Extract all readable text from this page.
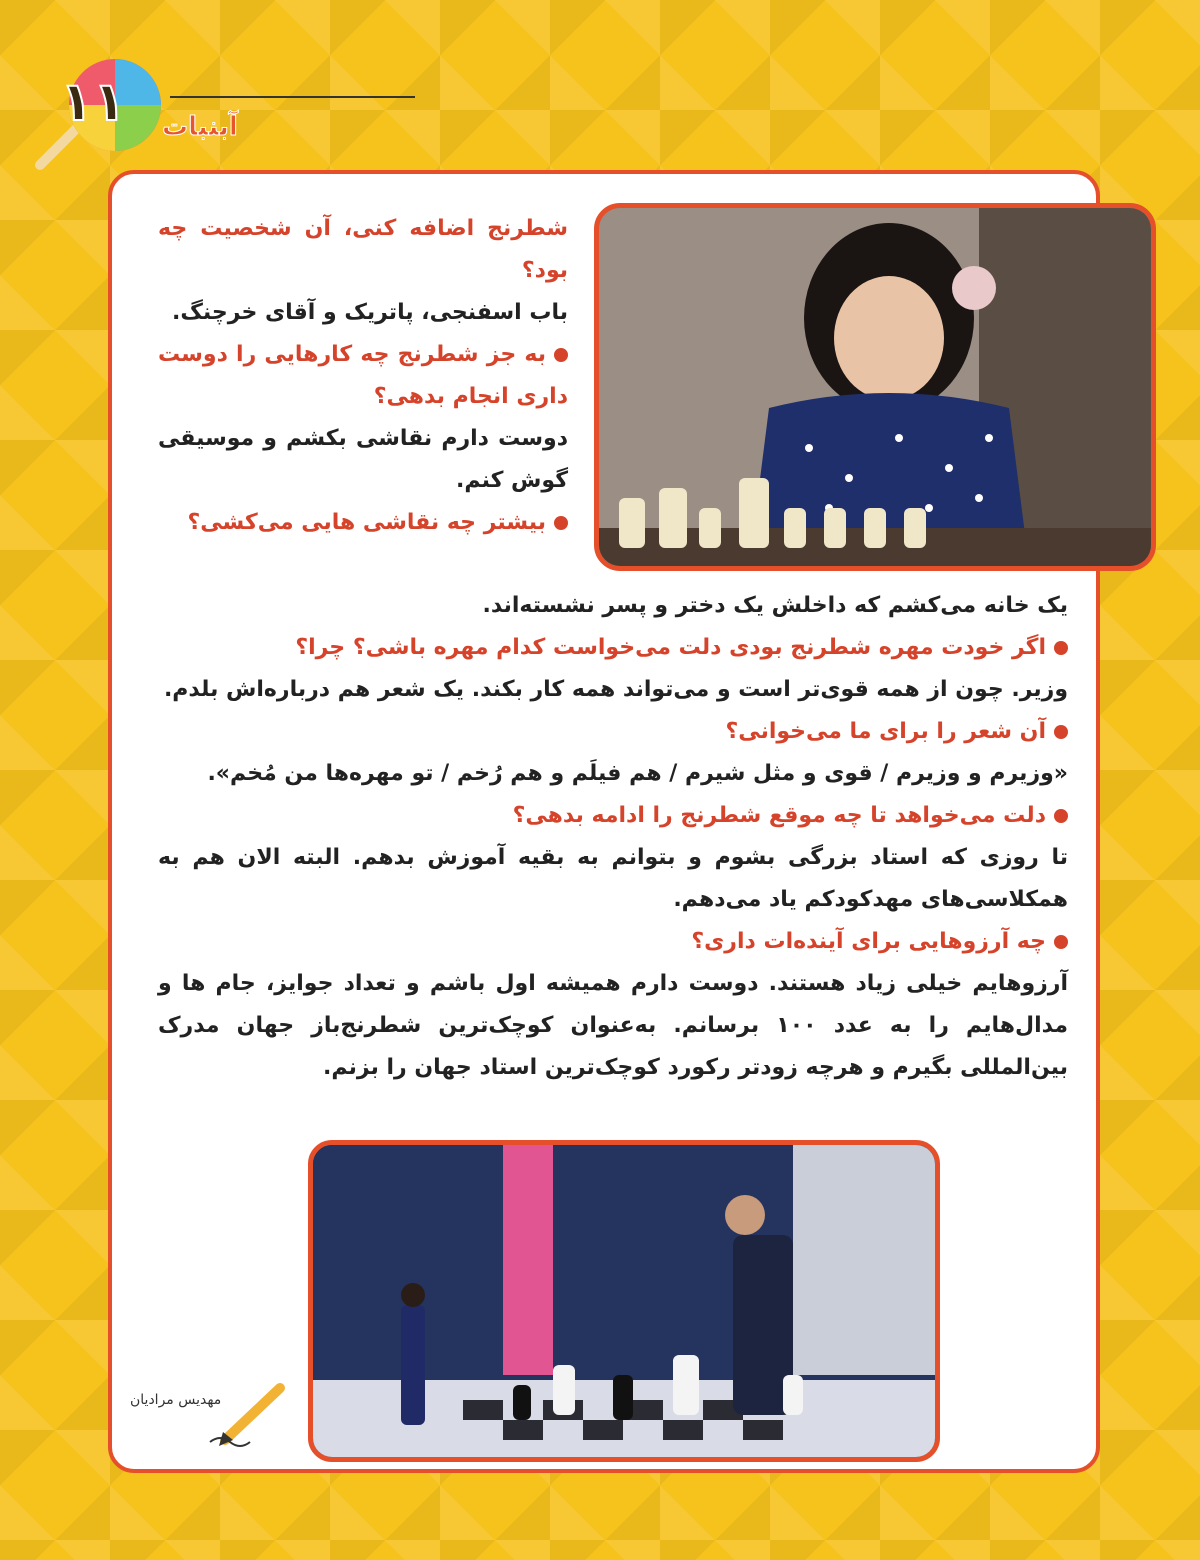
۱۱ آبنبات

شطرنج اضافه کنی، آن شخصیت چه بود؟

باب اسفنجی، پاتریک و آقای خرچنگ.

به جز شطرنج چه کارهایی را دوست داری انجام بدهی؟

دوست دارم نقاشی بکشم و موسیقی گوش کنم.

بیشتر چه نقاشی هایی می‌کشی؟

یک خانه می‌کشم که داخلش یک دختر و پسر نشسته‌اند.

اگر خودت مهره شطرنج بودی دلت می‌خواست کدام مهره باشی؟ چرا؟

وزیر. چون از همه قوی‌تر است و می‌تواند همه کار بکند. یک شعر هم درباره‌اش بلدم.

آن شعر را برای ما می‌خوانی؟

«وزیرم و وزیرم / قوی و مثل شیرم / هم فیلَم و هم رُخم / تو مهره‌ها من مُخم».

دلت می‌خواهد تا چه موقع شطرنج را ادامه بدهی؟

تا روزی که استاد بزرگی بشوم و بتوانم به بقیه آموزش بدهم. البته الان هم به همکلاسی‌های مهدکودکم یاد می‌دهم.

چه آرزوهایی برای آینده‌ات داری؟

آرزوهایم خیلی زیاد هستند. دوست دارم همیشه اول باشم و تعداد جوایز، جام ها و مدال‌هایم را به عدد ۱۰۰ برسانم. به‌عنوان کوچک‌ترین شطرنج‌باز جهان مدرک بین‌المللی بگیرم و هرچه زودتر رکورد کوچک‌ترین استاد جهان را بزنم.

مهدیس مرادیان
